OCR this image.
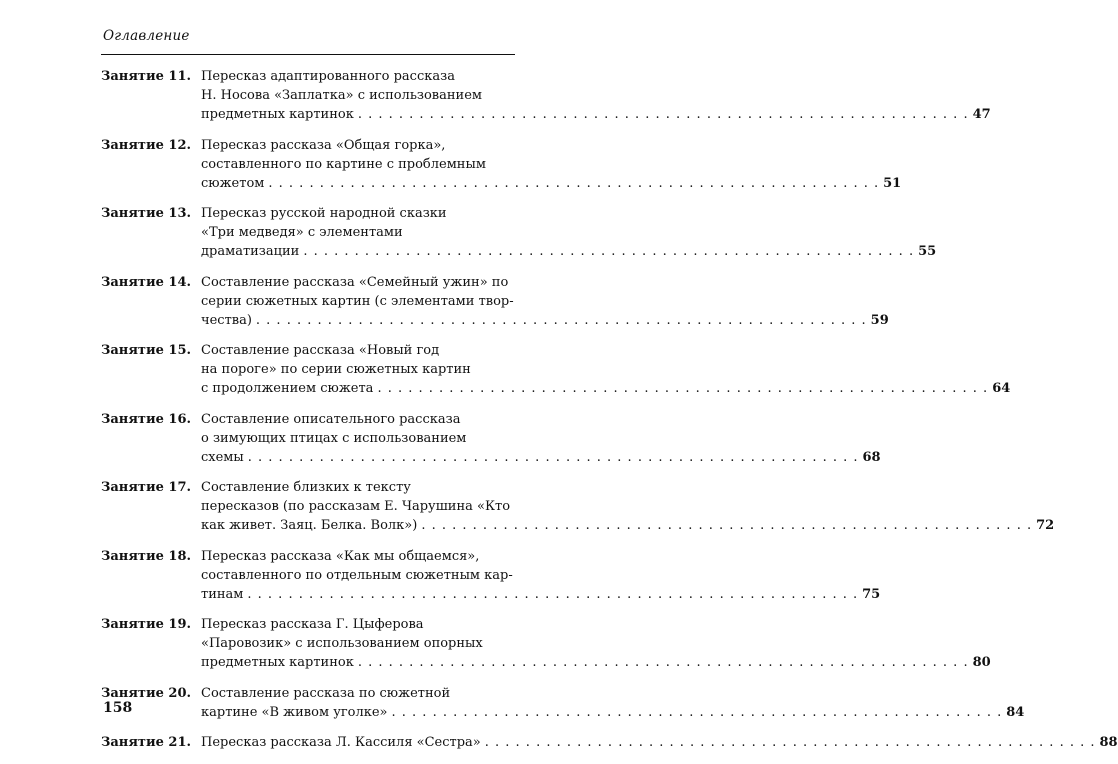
Оглавление
Занятие 11. Пересказ адаптированного рассказа
Н. Носова «Заплатка» с использованием
предметных картинок . . . . . . . . . . . . . . . . . . . . . . . . . . . . . . . . . . . . . . . . . . . . . . . . . . . . . . . . . . . . 47
Занятие 12. Пересказ рассказа «Общая горка»,
составленного по картине с проблемным
сюжетом . . . . . . . . . . . . . . . . . . . . . . . . . . . . . . . . . . . . . . . . . . . . . . . . . . . . . . . . . . . . 51
Занятие 13. Пересказ русской народной сказки
«Три медведя» с элементами
драматизации . . . . . . . . . . . . . . . . . . . . . . . . . . . . . . . . . . . . . . . . . . . . . . . . . . . . . . . . . . . . 55
Занятие 14. Составление рассказа «Семейный ужин» по
серии сюжетных картин (с элементами твор-
чества) . . . . . . . . . . . . . . . . . . . . . . . . . . . . . . . . . . . . . . . . . . . . . . . . . . . . . . . . . . . . 59
Занятие 15. Составление рассказа «Новый год
на пороге» по серии сюжетных картин
с продолжением сюжета . . . . . . . . . . . . . . . . . . . . . . . . . . . . . . . . . . . . . . . . . . . . . . . . . . . . . . . . . . . . 64
Занятие 16. Составление описательного рассказа
о зимующих птицах с использованием
схемы . . . . . . . . . . . . . . . . . . . . . . . . . . . . . . . . . . . . . . . . . . . . . . . . . . . . . . . . . . . . 68
Занятие 17. Составление близких к тексту
пересказов (по рассказам Е. Чарушина «Кто
как живет. Заяц. Белка. Волк») . . . . . . . . . . . . . . . . . . . . . . . . . . . . . . . . . . . . . . . . . . . . . . . . . . . . . . . . . . . . 72
Занятие 18. Пересказ рассказа «Как мы общаемся»,
составленного по отдельным сюжетным кар-
тинам . . . . . . . . . . . . . . . . . . . . . . . . . . . . . . . . . . . . . . . . . . . . . . . . . . . . . . . . . . . . 75
Занятие 19. Пересказ рассказа Г. Цыферова
«Паровозик» с использованием опорных
предметных картинок . . . . . . . . . . . . . . . . . . . . . . . . . . . . . . . . . . . . . . . . . . . . . . . . . . . . . . . . . . . . 80
Занятие 20. Составление рассказа по сюжетной
картине «В живом уголке» . . . . . . . . . . . . . . . . . . . . . . . . . . . . . . . . . . . . . . . . . . . . . . . . . . . . . . . . . . . . 84
Занятие 21. Пересказ рассказа Л. Кассиля «Сестра» . . . . . . . . . . . . . . . . . . . . . . . . . . . . . . . . . . . . . . . . . . . . . . . . . . . . . . . . . . . . 88
158
